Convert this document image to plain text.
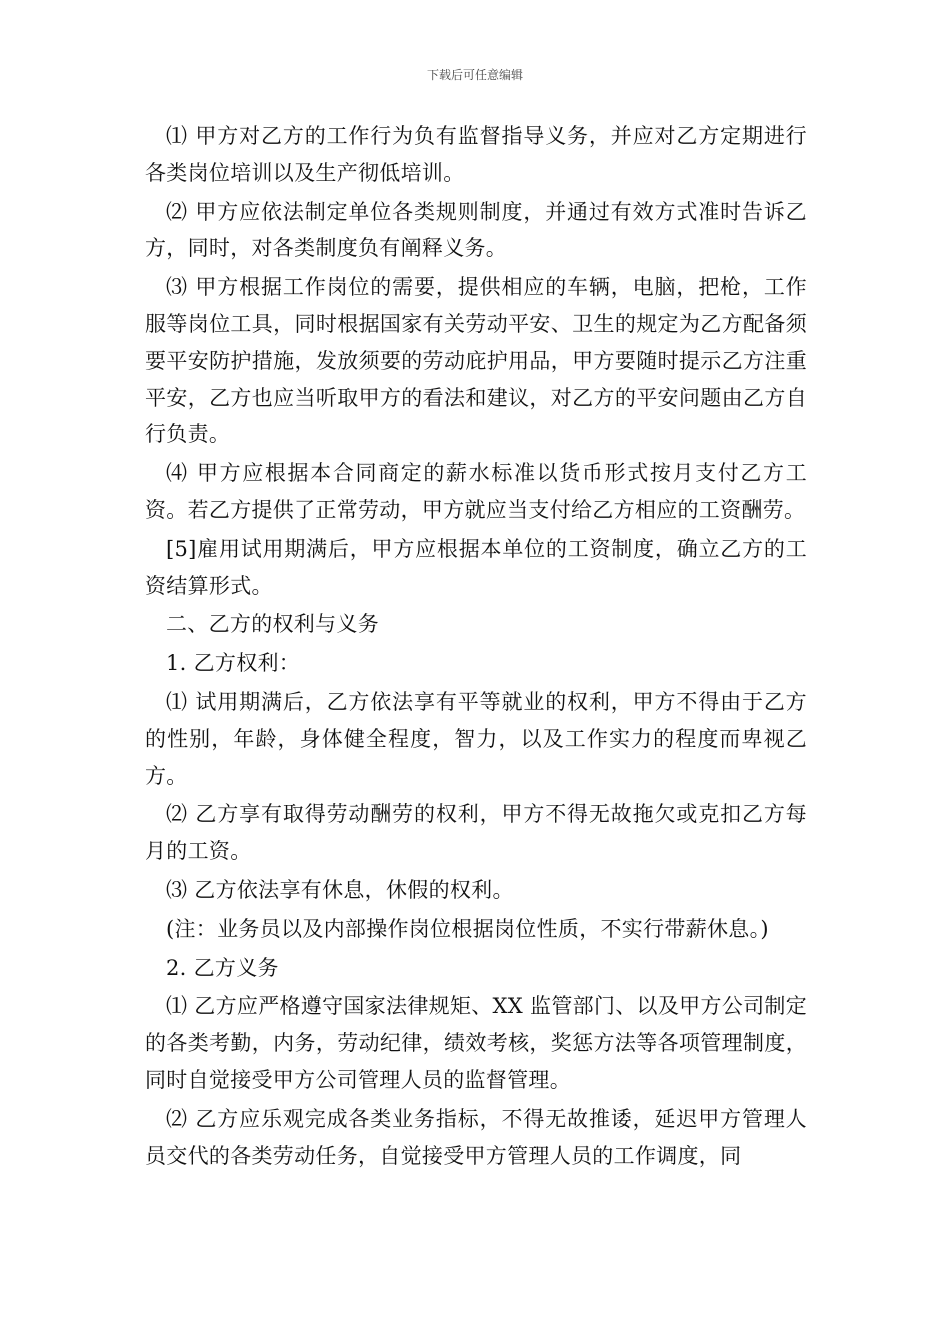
下载后可任意编辑

⑴ 甲方对乙方的工作行为负有监督指导义务，并应对乙方定期进行各类岗位培训以及生产彻低培训。

⑵ 甲方应依法制定单位各类规则制度，并通过有效方式准时告诉乙方，同时，对各类制度负有阐释义务。

⑶ 甲方根据工作岗位的需要，提供相应的车辆，电脑，把枪，工作服等岗位工具，同时根据国家有关劳动平安、卫生的规定为乙方配备须要平安防护措施，发放须要的劳动庇护用品，甲方要随时提示乙方注重平安，乙方也应当听取甲方的看法和建议，对乙方的平安问题由乙方自行负责。

⑷ 甲方应根据本合同商定的薪水标准以货币形式按月支付乙方工资。若乙方提供了正常劳动，甲方就应当支付给乙方相应的工资酬劳。

[5]雇用试用期满后，甲方应根据本单位的工资制度，确立乙方的工资结算形式。

二、乙方的权利与义务

1. 乙方权利：

⑴ 试用期满后，乙方依法享有平等就业的权利，甲方不得由于乙方的性别，年龄，身体健全程度，智力，以及工作实力的程度而卑视乙方。

⑵ 乙方享有取得劳动酬劳的权利，甲方不得无故拖欠或克扣乙方每月的工资。

⑶ 乙方依法享有休息，休假的权利。

(注：业务员以及内部操作岗位根据岗位性质，不实行带薪休息。)

2. 乙方义务

⑴ 乙方应严格遵守国家法律规矩、XX 监管部门、以及甲方公司制定的各类考勤，内务，劳动纪律，绩效考核，奖惩方法等各项管理制度，同时自觉接受甲方公司管理人员的监督管理。

⑵ 乙方应乐观完成各类业务指标，不得无故推诿，延迟甲方管理人员交代的各类劳动任务，自觉接受甲方管理人员的工作调度，同
